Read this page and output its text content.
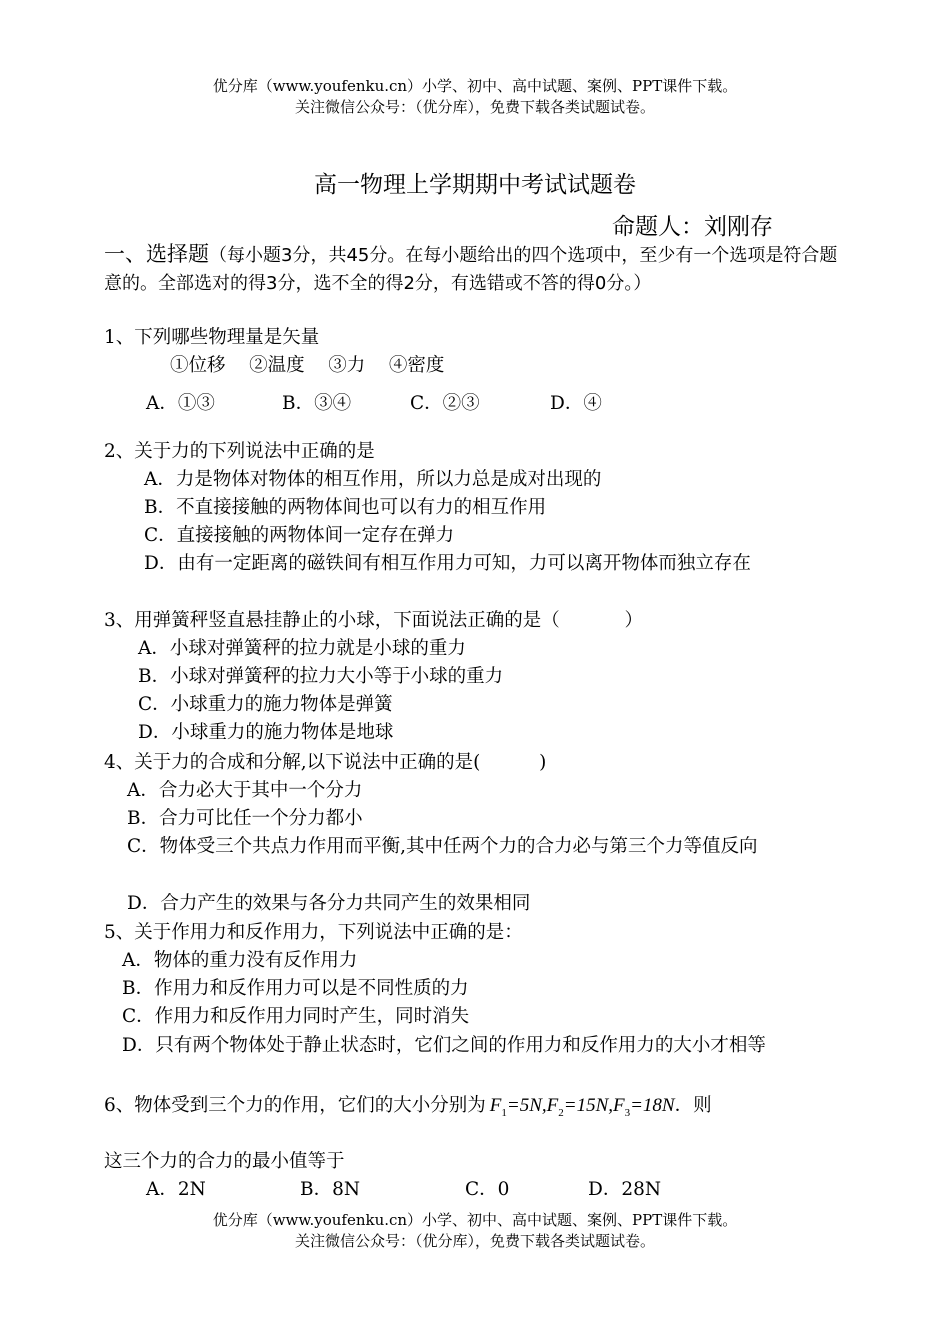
优分库（www.youfenku.cn）小学、初中、高中试题、案例、PPT课件下载。
关注微信公众号：（优分库），免费下载各类试题试卷。
高一物理上学期期中考试试题卷
命题人：刘刚存
一、选择题（每小题3分，共45分。在每小题给出的四个选项中，至少有一个选项是符合题意的。全部选对的得3分，选不全的得2分，有选错或不答的得0分。）
1、下列哪些物理量是矢量
①位移   ②温度   ③力   ④密度
A．①③	B．③④	C．②③	D．④
2、关于力的下列说法中正确的是
A．力是物体对物体的相互作用，所以力总是成对出现的
B．不直接接触的两物体间也可以有力的相互作用
C．直接接触的两物体间一定存在弹力
D．由有一定距离的磁铁间有相互作用力可知，力可以离开物体而独立存在
3、用弹簧秤竖直悬挂静止的小球，下面说法正确的是（           ）
A．小球对弹簧秤的拉力就是小球的重力
B．小球对弹簧秤的拉力大小等于小球的重力
C．小球重力的施力物体是弹簧
D．小球重力的施力物体是地球
4、关于力的合成和分解,以下说法中正确的是(          )
A．合力必大于其中一个分力
B．合力可比任一个分力都小
C．物体受三个共点力作用而平衡,其中任两个力的合力必与第三个力等值反向
D．合力产生的效果与各分力共同产生的效果相同
5、关于作用力和反作用力，下列说法中正确的是：
A．物体的重力没有反作用力
B．作用力和反作用力可以是不同性质的力
C．作用力和反作用力同时产生，同时消失
D．只有两个物体处于静止状态时，它们之间的作用力和反作用力的大小才相等
6、物体受到三个力的作用，它们的大小分别为 $F_1=5N,F_2=15N,F_3=18N$．则
这三个力的合力的最小值等于
A．2N	B．8N	C．0	D．28N
优分库（www.youfenku.cn）小学、初中、高中试题、案例、PPT课件下载。
关注微信公众号：（优分库），免费下载各类试题试卷。
